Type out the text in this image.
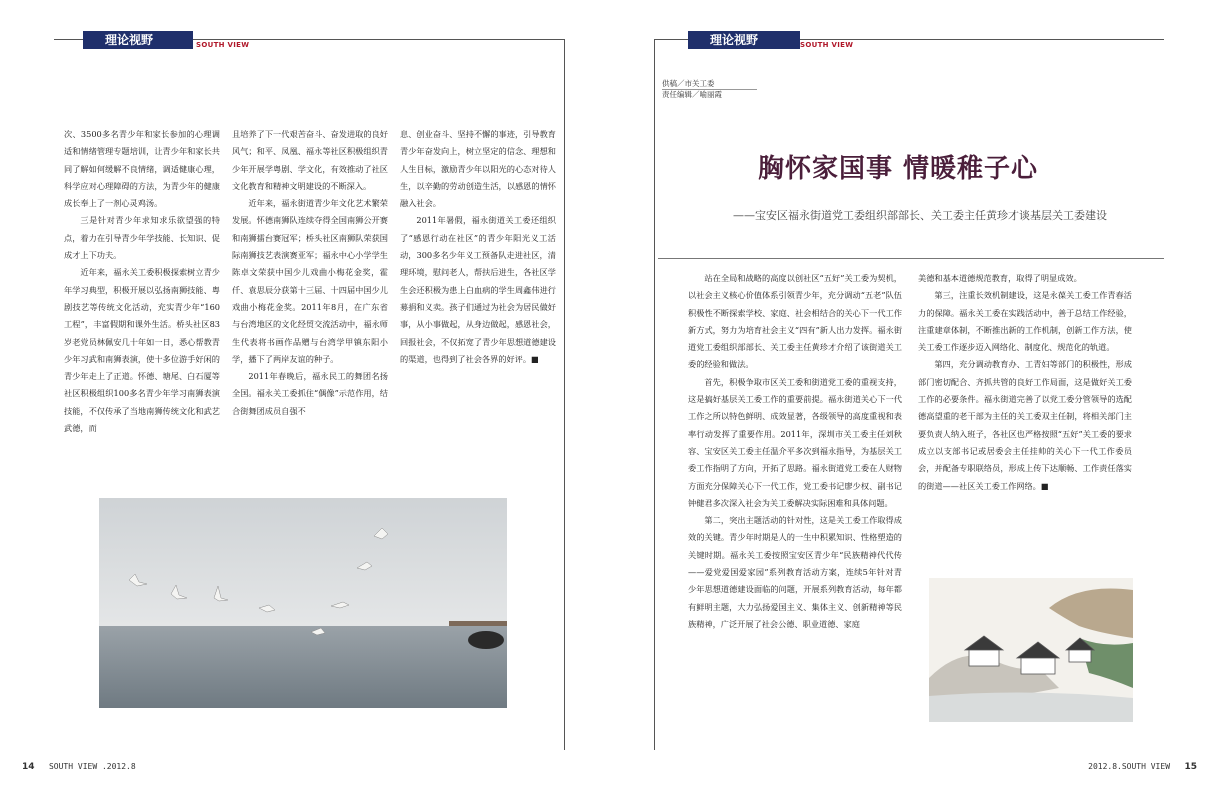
理论视野	SOUTH VIEW

次、3500多名青少年和家长参加的心理调适和情绪管理专题培训，让青少年和家长共同了解如何缓解不良情绪，调适健康心理，科学应对心理障碍的方法，为青少年的健康成长奉上了一剂心灵鸡汤。

三是针对青少年求知求乐欲望强的特点，着力在引导青少年学技能、长知识、促成才上下功夫。

近年来，福永关工委积极探索树立青少年学习典型，积极开展以弘扬南狮技能、粤剧技艺等传统文化活动，充实青少年“160工程”，丰富假期和课外生活。桥头社区83岁老党员林佩安几十年如一日，悉心帮教青少年习武和南狮表演，使十多位游手好闲的青少年走上了正道。怀德、塘尾、白石厦等社区积极组织100多名青少年学习南狮表演技能，不仅传承了当地南狮传统文化和武艺武德，而

且培养了下一代艰苦奋斗、奋发进取的良好风气；和平、凤凰、福永等社区积极组织青少年开展学粤剧、学文化，有效推动了社区文化教育和精神文明建设的不断深入。

近年来，福永街道青少年文化艺术繁荣发展。怀德南狮队连续夺得全国南狮公开赛和南狮擂台赛冠军；桥头社区南狮队荣获国际南狮技艺表演赛亚军；福永中心小学学生陈卓文荣获中国少儿戏曲小梅花金奖，霍仟、袁思辰分获第十三届、十四届中国少儿戏曲小梅花金奖。2011年8月，在广东省与台湾地区的文化经贸交流活动中，福永师生代表将书画作品赠与台湾学甲镇东阳小学，播下了两岸友谊的种子。

2011年春晚后，福永民工的舞团名扬全国。福永关工委抓住“偶像”示范作用，结合街舞团成员自强不

息、创业奋斗、坚持不懈的事迹，引导教育青少年奋发向上，树立坚定的信念、理想和人生目标，激励青少年以阳光的心态对待人生，以辛勤的劳动创造生活，以感恩的情怀融入社会。

2011年暑假，福永街道关工委还组织了“感恩行动在社区”的青少年阳光义工活动，300多名少年义工预备队走进社区，清理环境，慰问老人，帮扶后进生，各社区学生会还积极为患上白血病的学生周鑫伟进行募捐和义卖。孩子们通过为社会为居民做好事，从小事做起，从身边做起，感恩社会，回报社会，不仅拓宽了青少年思想道德建设的渠道，也得到了社会各界的好评。■

14 SOUTH VIEW .2012.8
理论视野	SOUTH VIEW
供稿／市关工委
责任编辑／喻丽霞
胸怀家国事 情暖稚子心
——宝安区福永街道党工委组织部部长、关工委主任黄珍才谈基层关工委建设

站在全局和战略的高度以创社区“五好”关工委为契机，以社会主义核心价值体系引领青少年，充分调动“五老”队伍积极性不断探索学校、家庭、社会相结合的关心下一代工作新方式，努力为培育社会主义“四有”新人出力发挥。福永街道党工委组织部部长、关工委主任黄珍才介绍了该街道关工委的经验和做法。

首先，积极争取市区关工委和街道党工委的重视支持，这是搞好基层关工委工作的重要前提。福永街道关心下一代工作之所以特色鲜明、成效显著，各级领导的高度重视和表率行动发挥了重要作用。2011年，深圳市关工委主任刘秋容、宝安区关工委主任温介平多次到福永指导，为基层关工委工作指明了方向，开拓了思路。福永街道党工委在人财物方面充分保障关心下一代工作，党工委书记廖少权、副书记钟健君多次深入社会为关工委解决实际困难和具体问题。

第二，突出主题活动的针对性，这是关工委工作取得成效的关键。青少年时期是人的一生中积累知识、性格塑造的关键时期。福永关工委按照宝安区青少年“民族精神代代传——爱党爱国爱家园”系列教育活动方案，连续5年针对青少年思想道德建设面临的问题，开展系列教育活动，每年都有鲜明主题，大力弘扬爱国主义、集体主义、创新精神等民族精神，广泛开展了社会公德、职业道德、家庭

美德和基本道德规范教育，取得了明显成效。

第三，注重长效机制建设，这是永葆关工委工作青春活力的保障。福永关工委在实践活动中，善于总结工作经验，注重建章体制，不断推出新的工作机制，创新工作方法，使关工委工作逐步迈入网络化、制度化、规范化的轨道。

第四，充分调动教育办、工青妇等部门的积极性，形成部门密切配合、齐抓共管的良好工作局面，这是做好关工委工作的必要条件。福永街道完善了以党工委分管领导的选配德高望重的老干部为主任的关工委双主任制，将相关部门主要负责人纳入班子，各社区也严格按照“五好”关工委的要求成立以支部书记或居委会主任挂帅的关心下一代工作委员会，并配备专职联络员，形成上传下达顺畅、工作责任落实的街道——社区关工委工作网络。■

2012.8.SOUTH VIEW 15
